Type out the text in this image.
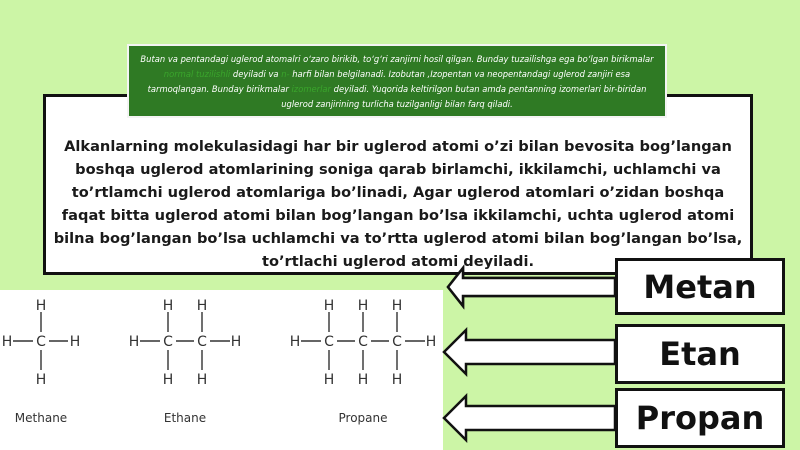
Butan va pentandagi uglerod atomalri o‘zaro birikib, to‘g‘ri zanjirni hosil qilgan. Bunday tuzailishga ega bo‘lgan birikmalar normal tuzilishli deyiladi va n- harfi bilan belgilanadi. Izobutan ,Izopentan va neopentandagi uglerod zanjiri esa tarmoqlangan. Bunday birikmalar izomerlar deyiladi. Yuqorida keltirilgon butan amda pentanning izomerlari bir-biridan uglerod zanjirining turlicha tuzilganligi bilan farq qiladi.

Alkanlarning molekulasidagi har bir uglerod atomi o’zi bilan bevosita bog’langan boshqa uglerod atomlarining soniga qarab birlamchi, ikkilamchi, uchlamchi va to’rtlamchi uglerod atomlariga bo’linadi, Agar uglerod atomlari o’zidan boshqa faqat bitta uglerod atomi bilan bog’langan bo’lsa ikkilamchi, uchta uglerod atomi bilna bog’langan bo’lsa uchlamchi va to’rtta uglerod atomi bilan bog’langan bo’lsa, to’rtlachi uglerod atomi deyiladi.

H
C
H
H	H
Methane
H H
H C C H
H H
Ethane
H H H
H C C C H
H H H
Propane
Metan
Etan
Propan
